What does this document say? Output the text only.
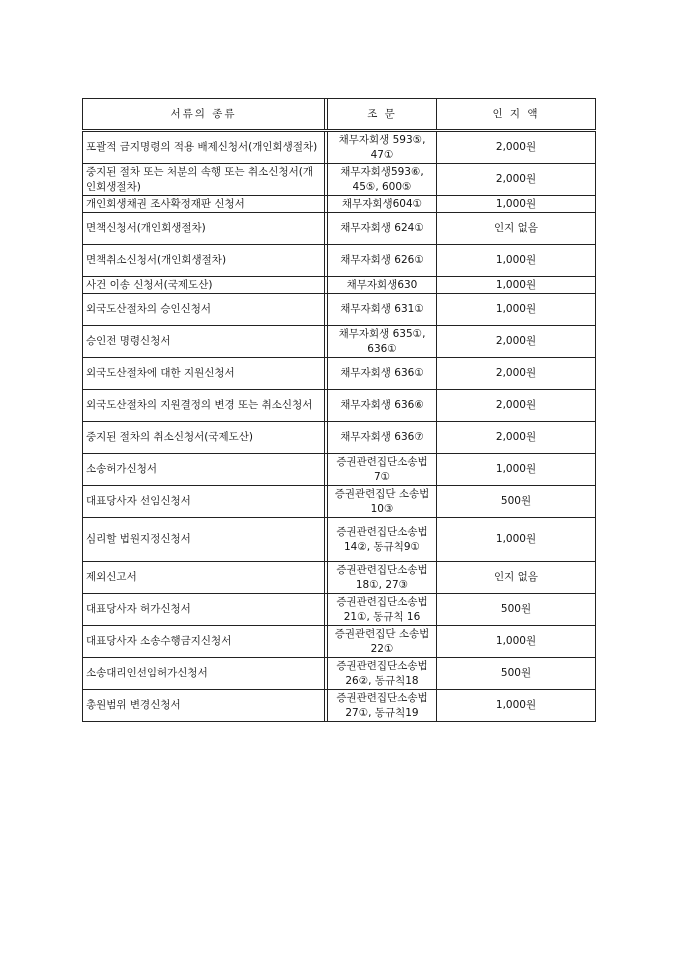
서류의 종류		조 문	인 지 액
포괄적 금지명령의 적용 배제신청서(개인회생절차)		채무자회생 593⑤, 47①	2,000원
중지된 절차 또는 처분의 속행 또는 취소신청서(개인회생절차)		채무자회생593⑥, 45⑤, 600⑤	2,000원
개인회생채권 조사확정재판 신청서		채무자회생604①	1,000원
면책신청서(개인회생절차)		채무자회생 624①	인지 없음
면책취소신청서(개인회생절차)		채무자회생 626①	1,000원
사건 이송 신청서(국제도산)		채무자회생630	1,000원
외국도산절차의 승인신청서		채무자회생 631①	1,000원
승인전 명령신청서		채무자회생 635①, 636①	2,000원
외국도산절차에 대한 지원신청서		채무자회생 636①	2,000원
외국도산절차의 지원결정의 변경 또는 취소신청서		채무자회생 636⑥	2,000원
중지된 절차의 취소신청서(국제도산)		채무자회생 636⑦	2,000원
소송허가신청서		증권관련집단소송법 7①	1,000원
대표당사자 선임신청서		증권관련집단 소송법10③	500원
심리할 법원지정신청서		증권관련집단소송법 14②, 동규칙9①	1,000원
제외신고서		증권관련집단소송법 18①, 27③	인지 없음
대표당사자 허가신청서		증권관련집단소송법 21①, 동규칙 16	500원
대표당사자 소송수행금지신청서		증권관련집단 소송법22①	1,000원
소송대리인선임허가신청서		증권관련집단소송법 26②, 동규칙18	500원
총원범위 변경신청서		증권관련집단소송법 27①, 동규칙19	1,000원
